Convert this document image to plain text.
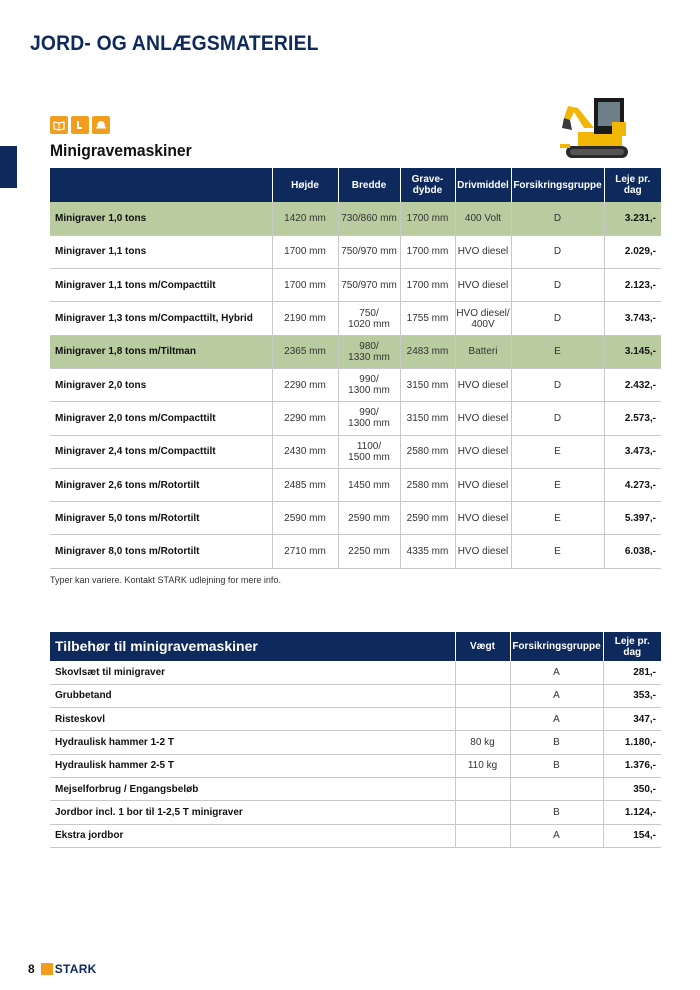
JORD- OG ANLÆGSMATERIEL
Minigravemaskiner
	Højde	Bredde	Grave-
dybde	Drivmiddel	Forsikringsgruppe	Leje pr.
dag
Minigraver 1,0 tons	1420 mm	730/860 mm	1700 mm	400 Volt	D	3.231,-
Minigraver 1,1 tons	1700 mm	750/970 mm	1700 mm	HVO diesel	D	2.029,-
Minigraver 1,1 tons m/Compacttilt	1700 mm	750/970 mm	1700 mm	HVO diesel	D	2.123,-
Minigraver 1,3 tons m/Compacttilt, Hybrid	2190 mm	750/
1020 mm	1755 mm	HVO diesel/
400V	D	3.743,-
Minigraver 1,8 tons m/Tiltman	2365 mm	980/
1330 mm	2483 mm	Batteri	E	3.145,-
Minigraver 2,0 tons	2290 mm	990/
1300 mm	3150 mm	HVO diesel	D	2.432,-
Minigraver 2,0 tons m/Compacttilt	2290 mm	990/
1300 mm	3150 mm	HVO diesel	D	2.573,-
Minigraver 2,4 tons m/Compacttilt	2430 mm	1100/
1500 mm	2580 mm	HVO diesel	E	3.473,-
Minigraver 2,6 tons m/Rotortilt	2485 mm	1450 mm	2580 mm	HVO diesel	E	4.273,-
Minigraver 5,0 tons m/Rotortilt	2590 mm	2590 mm	2590 mm	HVO diesel	E	5.397,-
Minigraver 8,0 tons m/Rotortilt	2710 mm	2250 mm	4335 mm	HVO diesel	E	6.038,-
Typer kan variere. Kontakt STARK udlejning for mere info.
Tilbehør til minigravemaskiner	Vægt	Forsikringsgruppe	Leje pr.
dag
Skovlsæt til minigraver		A	281,-
Grubbetand		A	353,-
Risteskovl		A	347,-
Hydraulisk hammer 1-2 T	80 kg	B	1.180,-
Hydraulisk hammer 2-5 T	110 kg	B	1.376,-
Mejselforbrug / Engangsbeløb			350,-
Jordbor incl. 1 bor til 1-2,5 T minigraver		B	1.124,-
Ekstra jordbor		A	154,-
8 STARK
